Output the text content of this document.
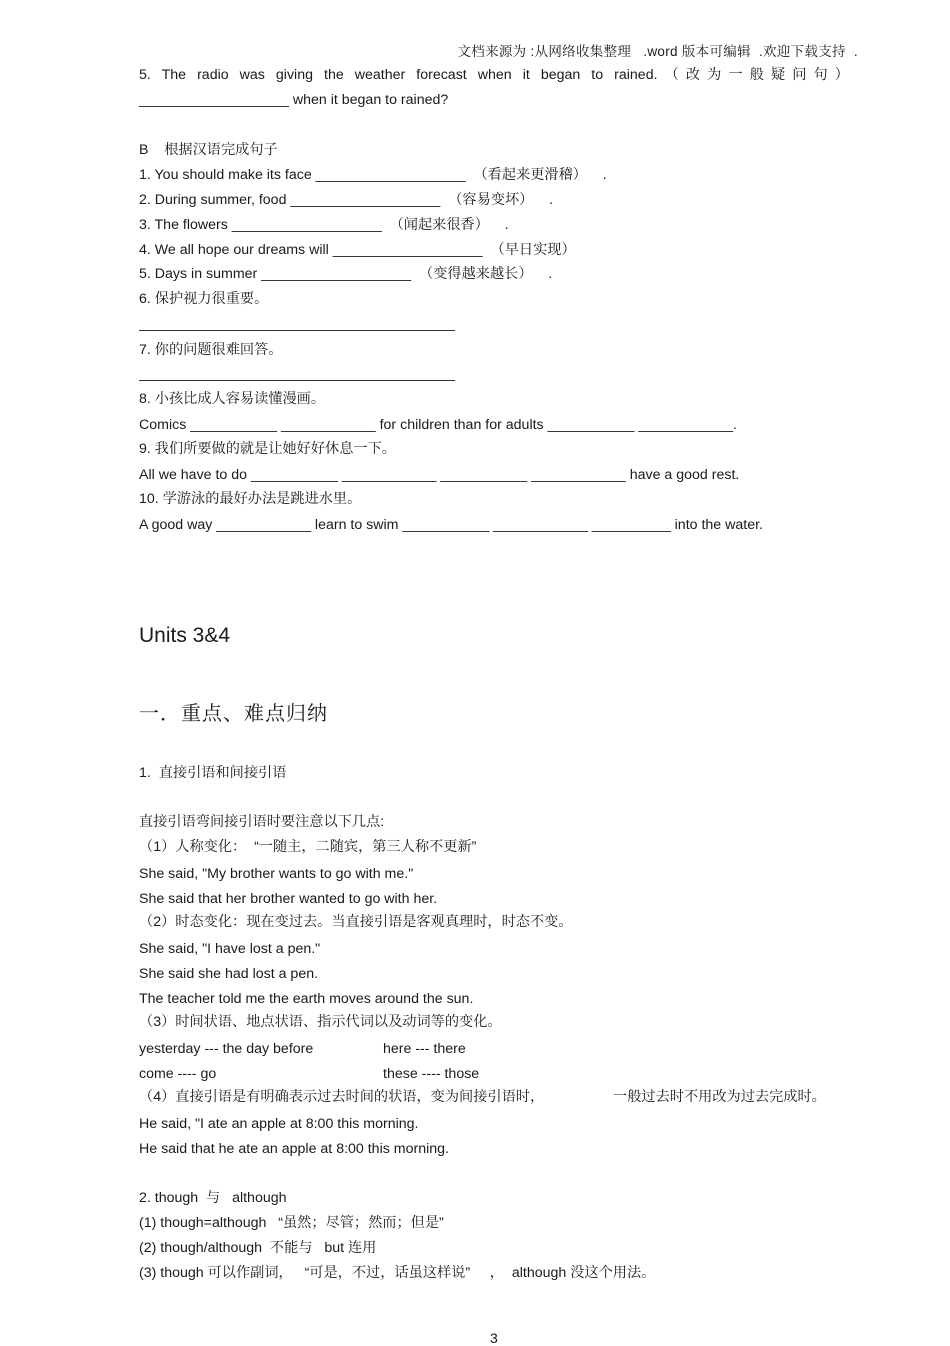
文档来源为 :从网络收集整理   .word 版本可编辑  .欢迎下载支持  .
5. The radio was giving the weather forecast when it began to rained.（改为一般疑问句）
___________________ when it began to rained?
B    根据汉语完成句子
1. You should make its face ___________________  （看起来更滑稽）    .
2. During summer, food ___________________  （容易变坏）    .
3. The flowers ___________________  （闻起来很香）    .
4. We all hope our dreams will ___________________  （早日实现）
5. Days in summer ___________________  （变得越来越长）    .
6. 保护视力很重要。
7. 你的问题很难回答。
8. 小孩比成人容易读懂漫画。
Comics ___________ ____________ for children than for adults ___________ ____________.
9. 我们所要做的就是让她好好休息一下。
All we have to do ___________ ____________ ___________ ____________ have a good rest.
10. 学游泳的最好办法是跳进水里。
A good way ____________ learn to swim ___________ ____________ __________ into the water.
Units 3&4
一．重点、难点归纳
1.  直接引语和间接引语
直接引语弯间接引语时要注意以下几点:
（1）人称变化：  “一随主，二随宾，第三人称不更新”
She said, "My brother wants to go with me."
She said that her brother wanted to go with her.
（2）时态变化：现在变过去。当直接引语是客观真理时，时态不变。
She said, "I have lost a pen."
She said she had lost a pen.
The teacher told me the earth moves around the sun.
（3）时间状语、地点状语、指示代词以及动词等的变化。
yesterday --- the day before	here --- there
come ---- go	these ---- those
（4）直接引语是有明确表示过去时间的状语，变为间接引语时，	一般过去时不用改为过去完成时。
He said, "I ate an apple at 8:00 this morning.
He said that he ate an apple at 8:00 this morning.
2. though  与   although
(1) though=although   “虽然；尽管；然而；但是”
(2) though/although  不能与   but 连用
(3) though 可以作副词，   “可是，不过，话虽这样说”     ，  although 没这个用法。
3
